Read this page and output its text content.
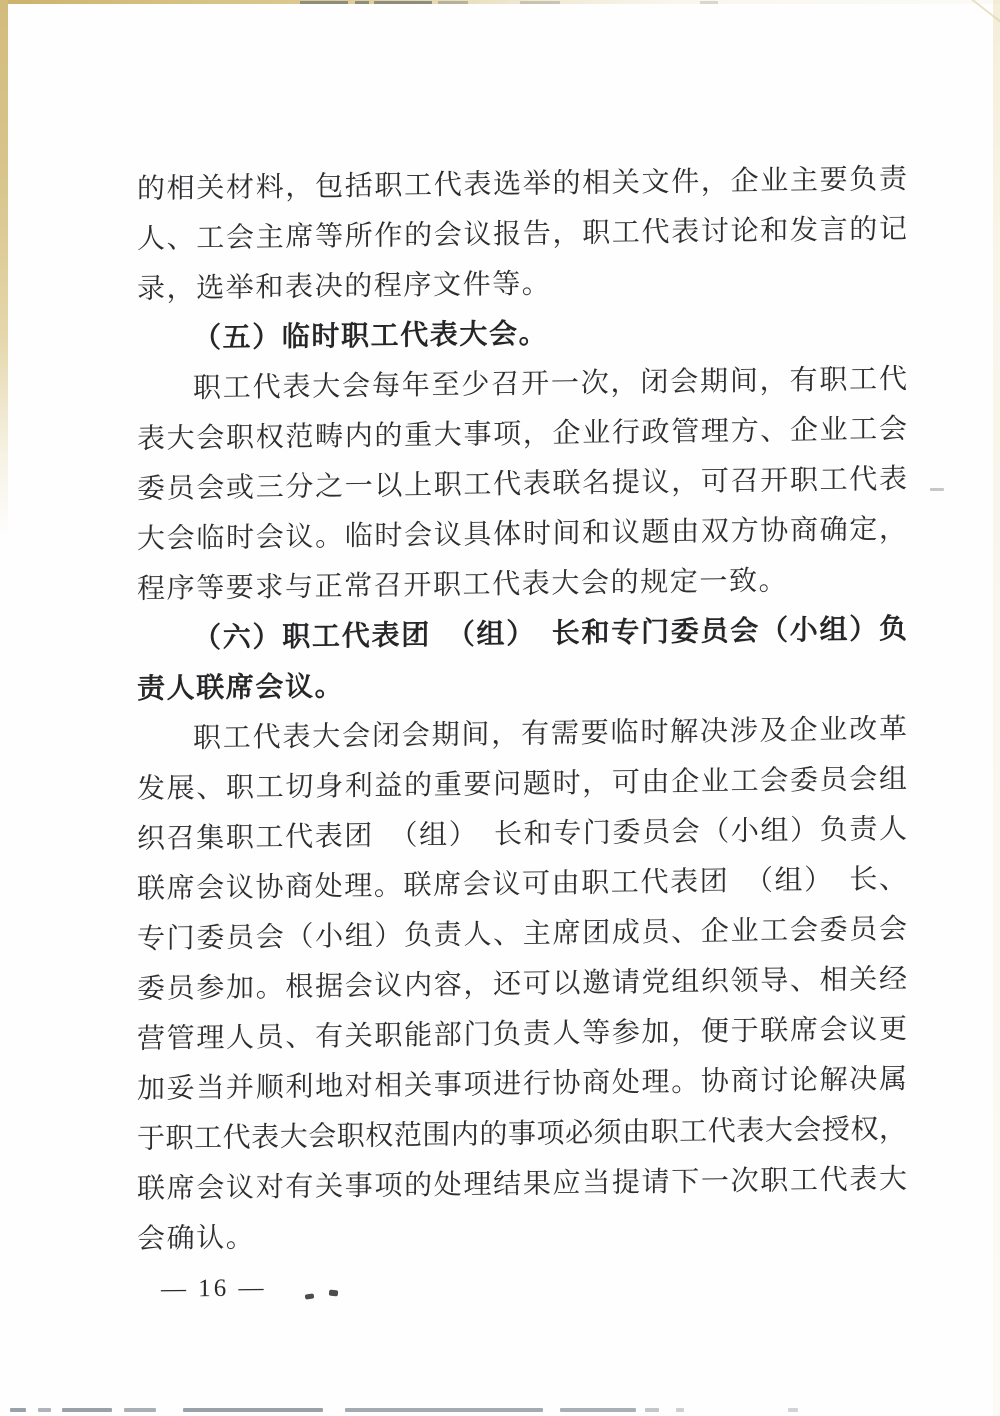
的相关材料，包括职工代表选举的相关文件，企业主要负责
人、工会主席等所作的会议报告，职工代表讨论和发言的记
录，选举和表决的程序文件等。
（五）临时职工代表大会。
职工代表大会每年至少召开一次，闭会期间，有职工代
表大会职权范畴内的重大事项，企业行政管理方、企业工会
委员会或三分之一以上职工代表联名提议，可召开职工代表
大会临时会议。临时会议具体时间和议题由双方协商确定，
程序等要求与正常召开职工代表大会的规定一致。
（六）职工代表团　（组）　长和专门委员会（小组）负
责人联席会议。
职工代表大会闭会期间，有需要临时解决涉及企业改革
发展、职工切身利益的重要问题时，可由企业工会委员会组
织召集职工代表团　（组）　长和专门委员会（小组）负责人
联席会议协商处理。联席会议可由职工代表团　（组）　长、
专门委员会（小组）负责人、主席团成员、企业工会委员会
委员参加。根据会议内容，还可以邀请党组织领导、相关经
营管理人员、有关职能部门负责人等参加，便于联席会议更
加妥当并顺利地对相关事项进行协商处理。协商讨论解决属
于职工代表大会职权范围内的事项必须由职工代表大会授权，
联席会议对有关事项的处理结果应当提请下一次职工代表大
会确认。
— 16 —
